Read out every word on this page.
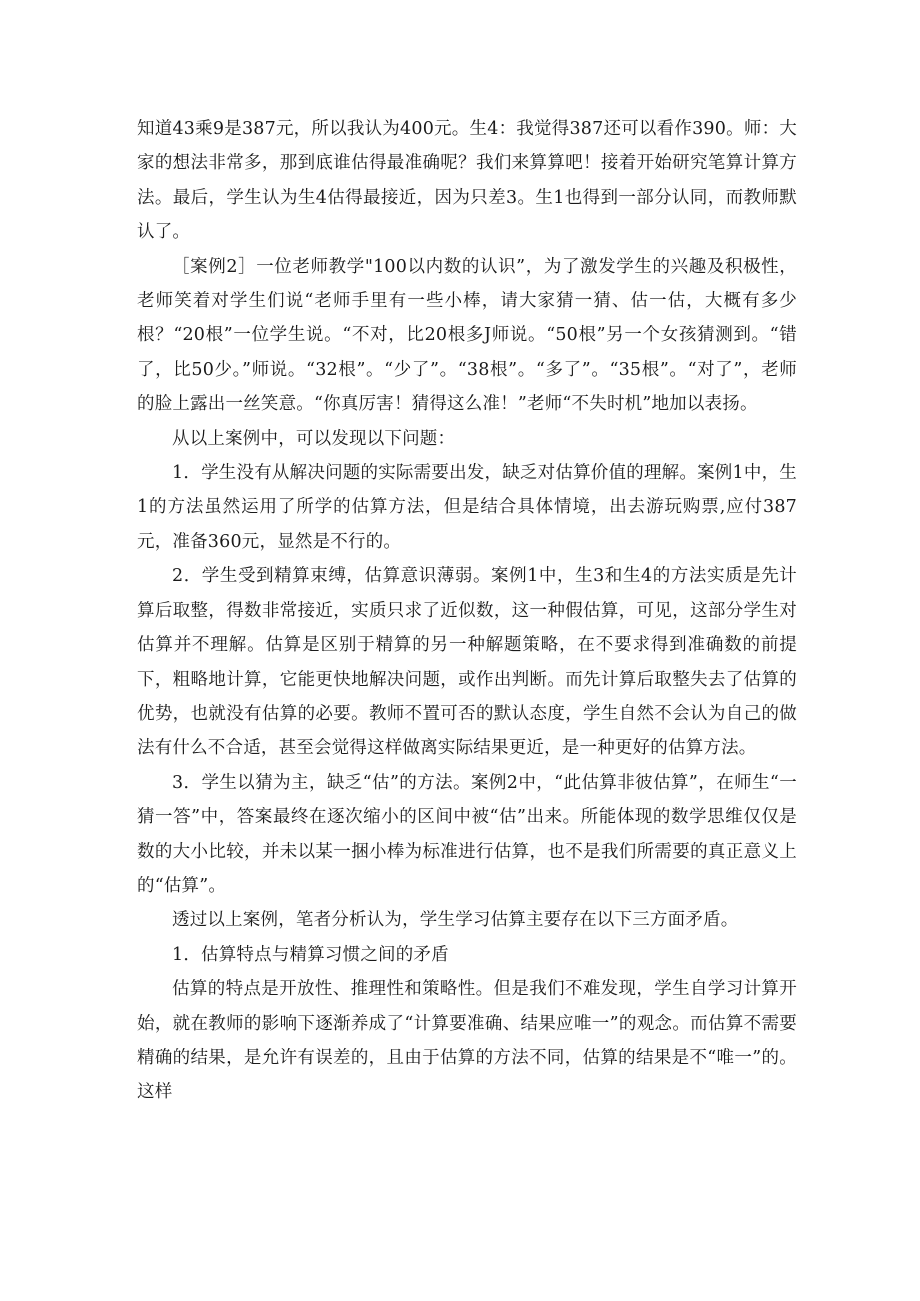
知道43乘9是387元，所以我认为400元。生4：我觉得387还可以看作390。师：大家的想法非常多，那到底谁估得最准确呢？我们来算算吧！接着开始研究笔算计算方法。最后，学生认为生4估得最接近，因为只差3。生1也得到一部分认同，而教师默认了。

［案例2］一位老师教学"100以内数的认识”，为了激发学生的兴趣及积极性，老师笑着对学生们说“老师手里有一些小棒，请大家猜一猜、估一估，大概有多少根？“20根”一位学生说。“不对，比20根多J师说。“50根”另一个女孩猜测到。“错了，比50少。”师说。“32根”。“少了”。“38根”。“多了”。“35根”。“对了”，老师的脸上露出一丝笑意。“你真厉害！猜得这么准！”老师“不失时机”地加以表扬。

从以上案例中，可以发现以下问题：

1．学生没有从解决问题的实际需要出发，缺乏对估算价值的理解。案例1中，生1的方法虽然运用了所学的估算方法，但是结合具体情境，出去游玩购票,应付387元，准备360元，显然是不行的。

2．学生受到精算束缚，估算意识薄弱。案例1中，生3和生4的方法实质是先计算后取整，得数非常接近，实质只求了近似数，这一种假估算，可见，这部分学生对估算并不理解。估算是区别于精算的另一种解题策略，在不要求得到准确数的前提下，粗略地计算，它能更快地解决问题，或作出判断。而先计算后取整失去了估算的优势，也就没有估算的必要。教师不置可否的默认态度，学生自然不会认为自己的做法有什么不合适，甚至会觉得这样做离实际结果更近，是一种更好的估算方法。

3．学生以猜为主，缺乏“估”的方法。案例2中，“此估算非彼估算”，在师生“一猜一答”中，答案最终在逐次缩小的区间中被“估”出来。所能体现的数学思维仅仅是数的大小比较，并未以某一捆小棒为标准进行估算，也不是我们所需要的真正意义上的“估算”。

透过以上案例，笔者分析认为，学生学习估算主要存在以下三方面矛盾。

1．估算特点与精算习惯之间的矛盾

估算的特点是开放性、推理性和策略性。但是我们不难发现，学生自学习计算开始，就在教师的影响下逐渐养成了“计算要准确、结果应唯一”的观念。而估算不需要精确的结果，是允许有误差的，且由于估算的方法不同，估算的结果是不“唯一”的。这样
